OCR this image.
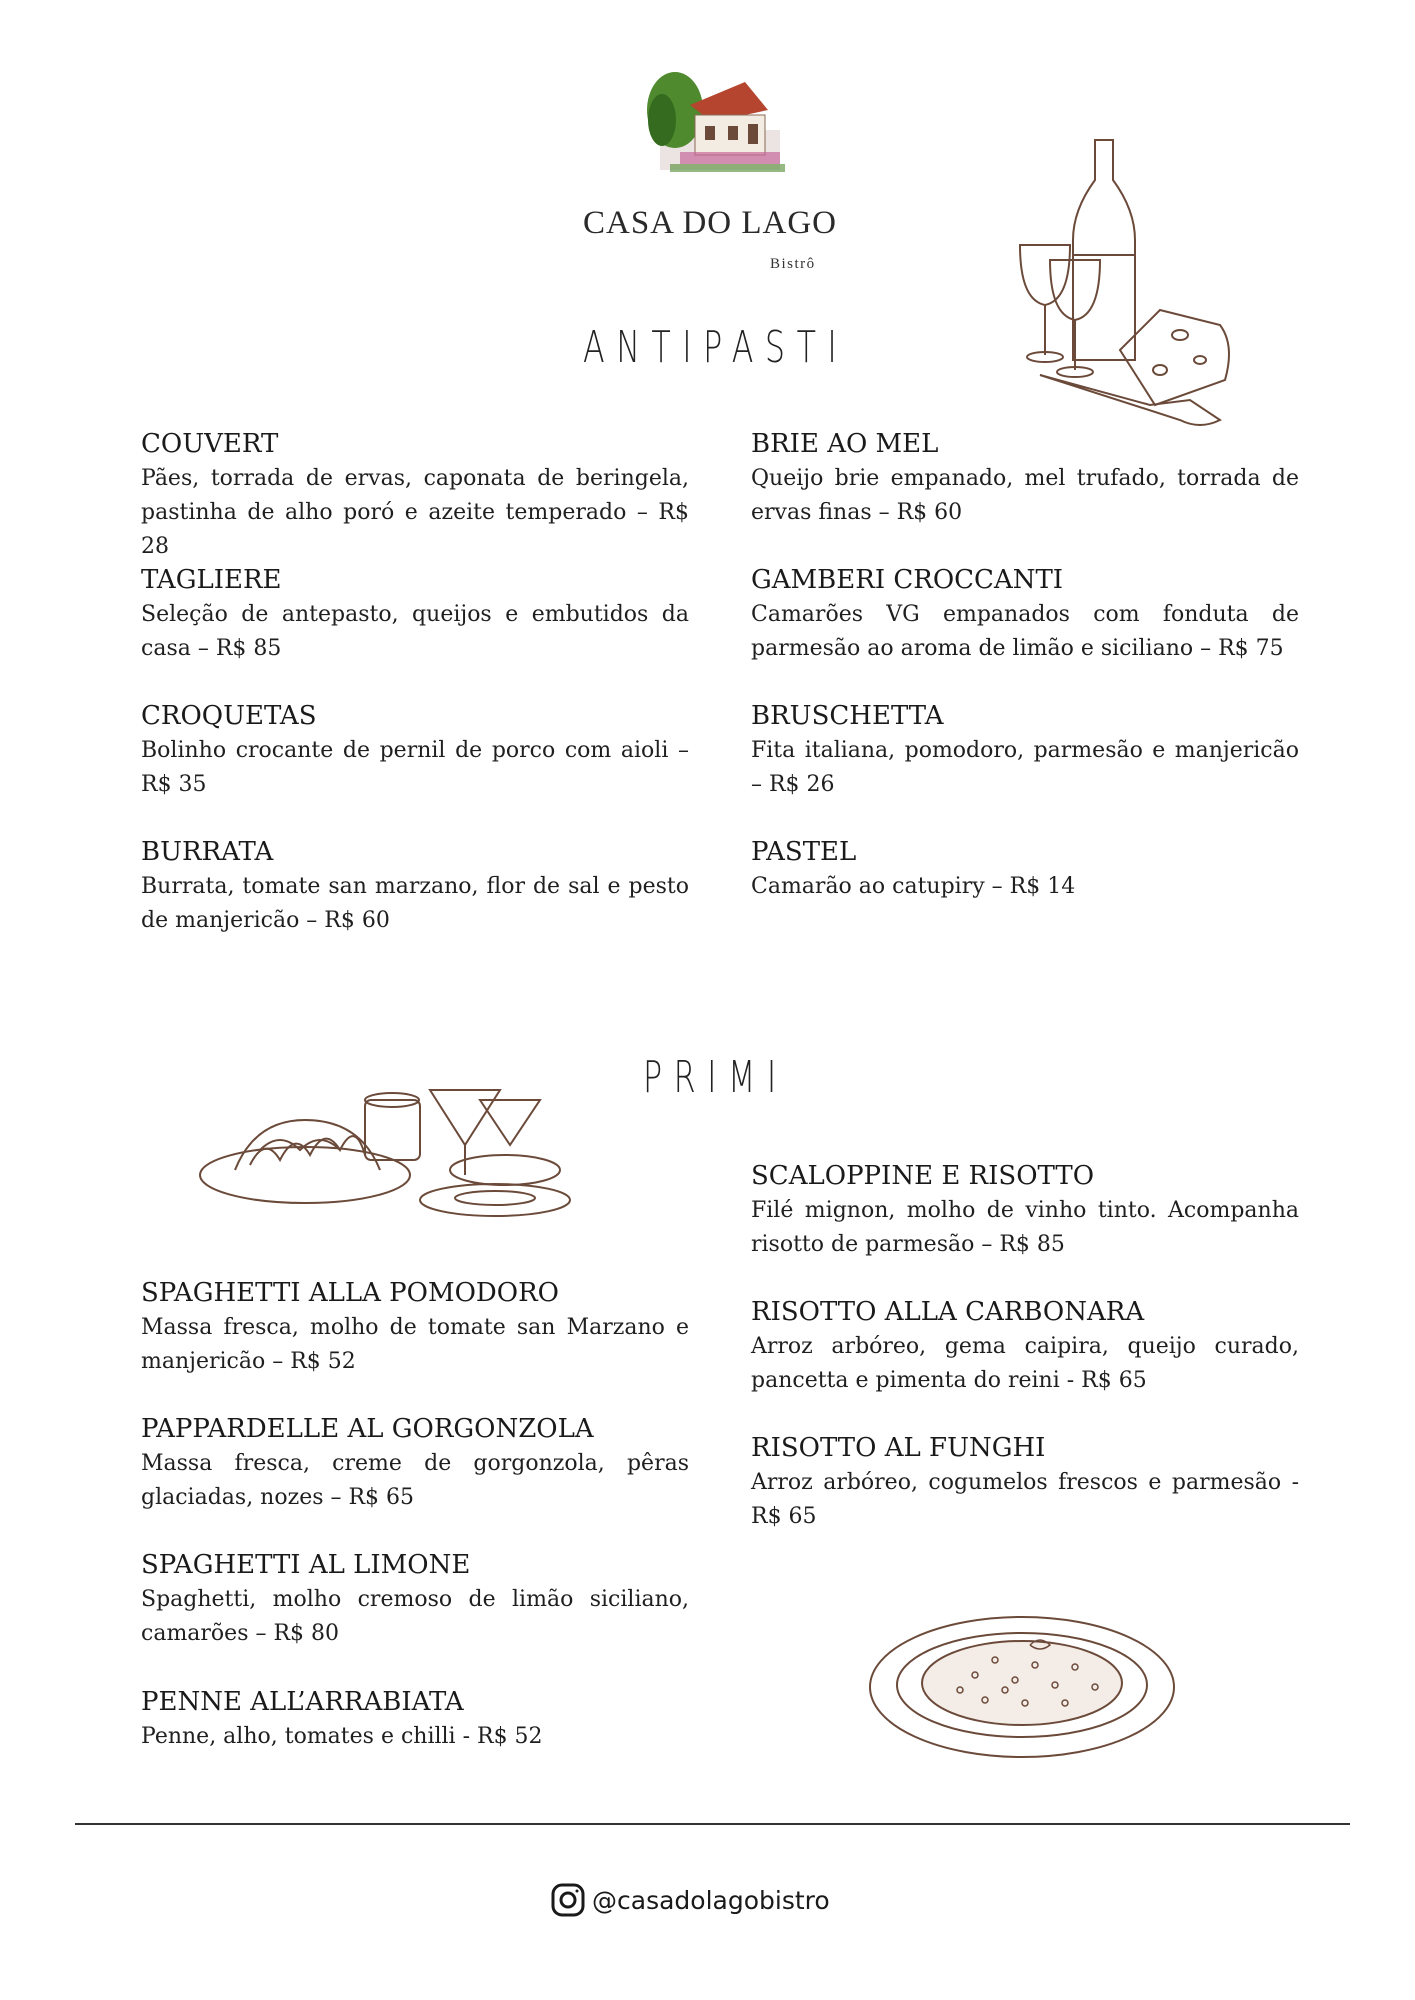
CASA DO LAGO
Bistrô
ANTIPASTI
COUVERT
Pães, torrada de ervas, caponata de beringela, pastinha de alho poró e azeite temperado – R$ 28
TAGLIERE
Seleção de antepasto, queijos e embutidos da casa – R$ 85
CROQUETAS
Bolinho crocante de pernil de porco com aioli – R$ 35
BURRATA
Burrata, tomate san marzano, flor de sal e pesto de manjericão – R$ 60
BRIE AO MEL
Queijo brie empanado, mel trufado, torrada de ervas finas – R$ 60
GAMBERI CROCCANTI
Camarões VG empanados com fonduta de parmesão ao aroma de limão e siciliano – R$ 75
BRUSCHETTA
Fita italiana, pomodoro, parmesão e manjericão – R$ 26
PASTEL
Camarão ao catupiry – R$ 14
PRIMI
SPAGHETTI ALLA POMODORO
Massa fresca, molho de tomate san Marzano e manjericão – R$ 52
PAPPARDELLE AL GORGONZOLA
Massa fresca, creme de gorgonzola, pêras glaciadas, nozes – R$ 65
SPAGHETTI AL LIMONE
Spaghetti, molho cremoso de limão siciliano, camarões – R$ 80
PENNE ALL’ARRABIATA
Penne, alho, tomates e chilli - R$ 52
SCALOPPINE E RISOTTO
Filé mignon, molho de vinho tinto. Acompanha risotto de parmesão – R$ 85
RISOTTO ALLA CARBONARA
Arroz arbóreo, gema caipira, queijo curado, pancetta e pimenta do reini - R$ 65
RISOTTO AL FUNGHI
Arroz arbóreo, cogumelos frescos e parmesão - R$ 65
@casadolagobistro
